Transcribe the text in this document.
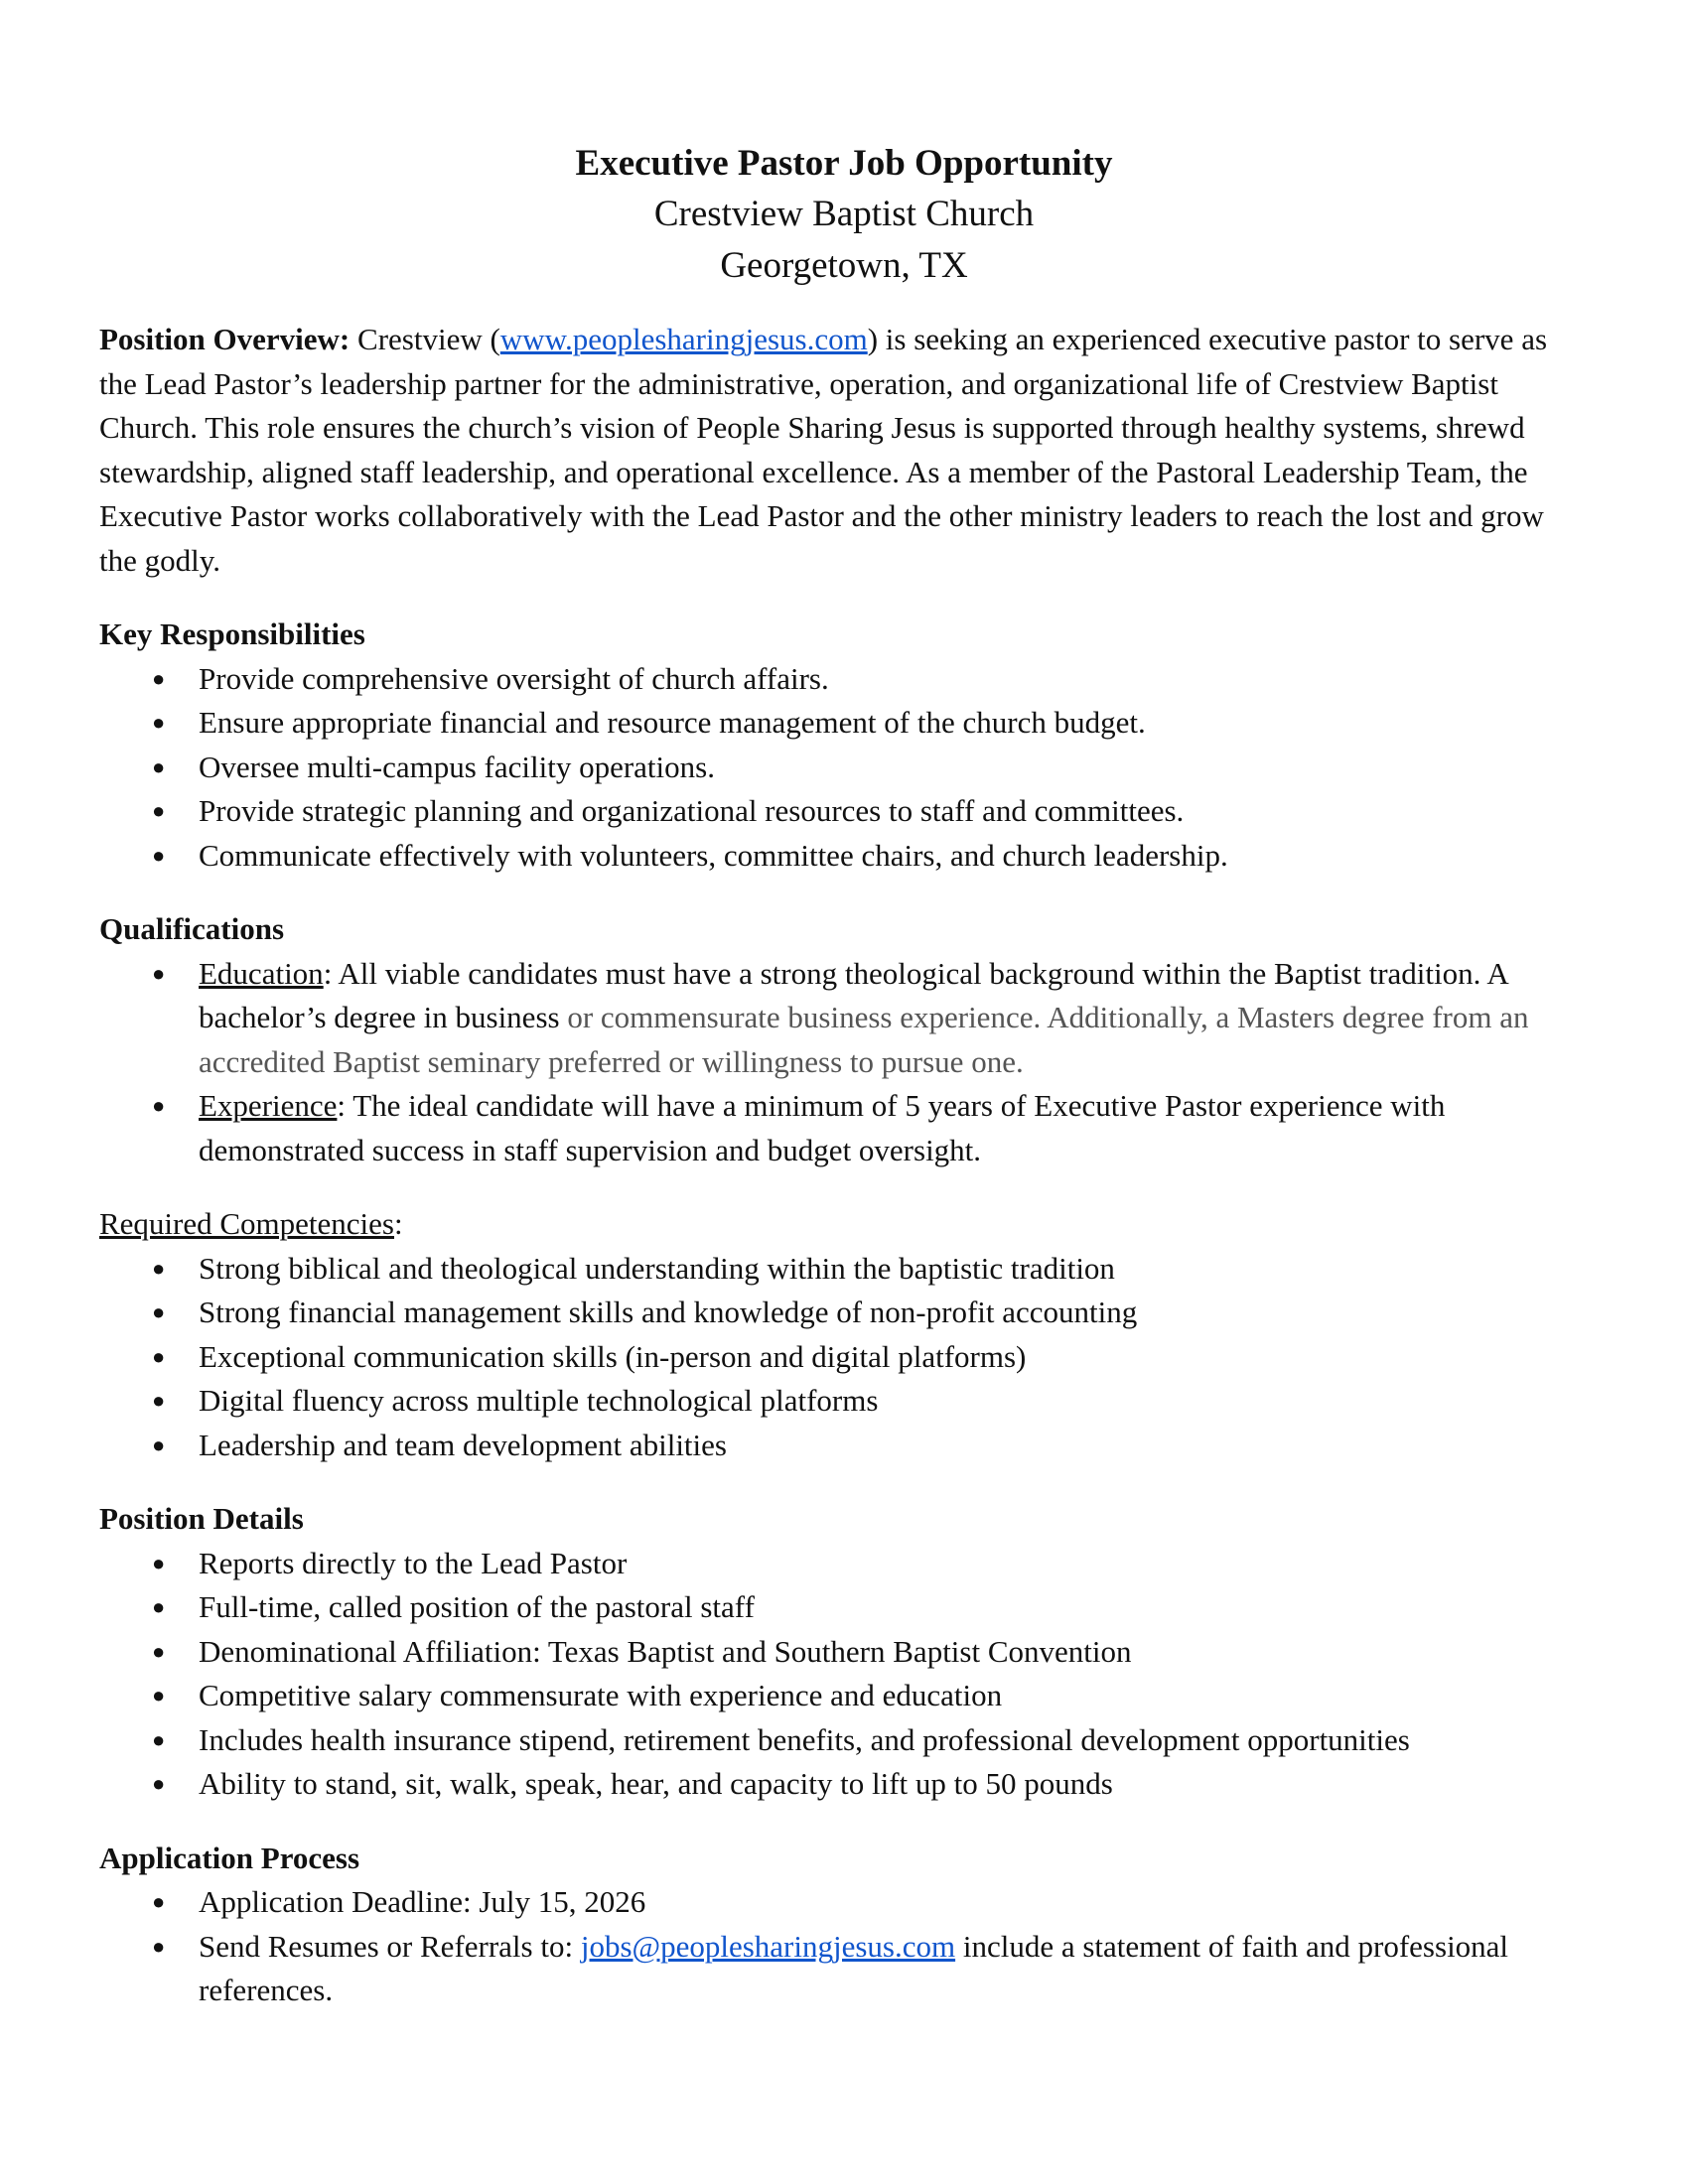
Executive Pastor Job Opportunity
Crestview Baptist Church
Georgetown, TX
Position Overview: Crestview (www.peoplesharingjesus.com) is seeking an experienced executive pastor to serve as the Lead Pastor’s leadership partner for the administrative, operation, and organizational life of Crestview Baptist Church. This role ensures the church’s vision of People Sharing Jesus is supported through healthy systems, shrewd stewardship, aligned staff leadership, and operational excellence. As a member of the Pastoral Leadership Team, the Executive Pastor works collaboratively with the Lead Pastor and the other ministry leaders to reach the lost and grow the godly.
Key Responsibilities
● Provide comprehensive oversight of church affairs.
● Ensure appropriate financial and resource management of the church budget.
● Oversee multi-campus facility operations.
● Provide strategic planning and organizational resources to staff and committees.
● Communicate effectively with volunteers, committee chairs, and church leadership.
Qualifications
● Education: All viable candidates must have a strong theological background within the Baptist tradition. A bachelor’s degree in business or commensurate business experience. Additionally, a Masters degree from an accredited Baptist seminary preferred or willingness to pursue one.
● Experience: The ideal candidate will have a minimum of 5 years of Executive Pastor experience with demonstrated success in staff supervision and budget oversight.
Required Competencies:
● Strong biblical and theological understanding within the baptistic tradition
● Strong financial management skills and knowledge of non-profit accounting
● Exceptional communication skills (in-person and digital platforms)
● Digital fluency across multiple technological platforms
● Leadership and team development abilities
Position Details
● Reports directly to the Lead Pastor
● Full-time, called position of the pastoral staff
● Denominational Affiliation: Texas Baptist and Southern Baptist Convention
● Competitive salary commensurate with experience and education
● Includes health insurance stipend, retirement benefits, and professional development opportunities
● Ability to stand, sit, walk, speak, hear, and capacity to lift up to 50 pounds
Application Process
● Application Deadline: July 15, 2026
● Send Resumes or Referrals to: jobs@peoplesharingjesus.com include a statement of faith and professional references.
